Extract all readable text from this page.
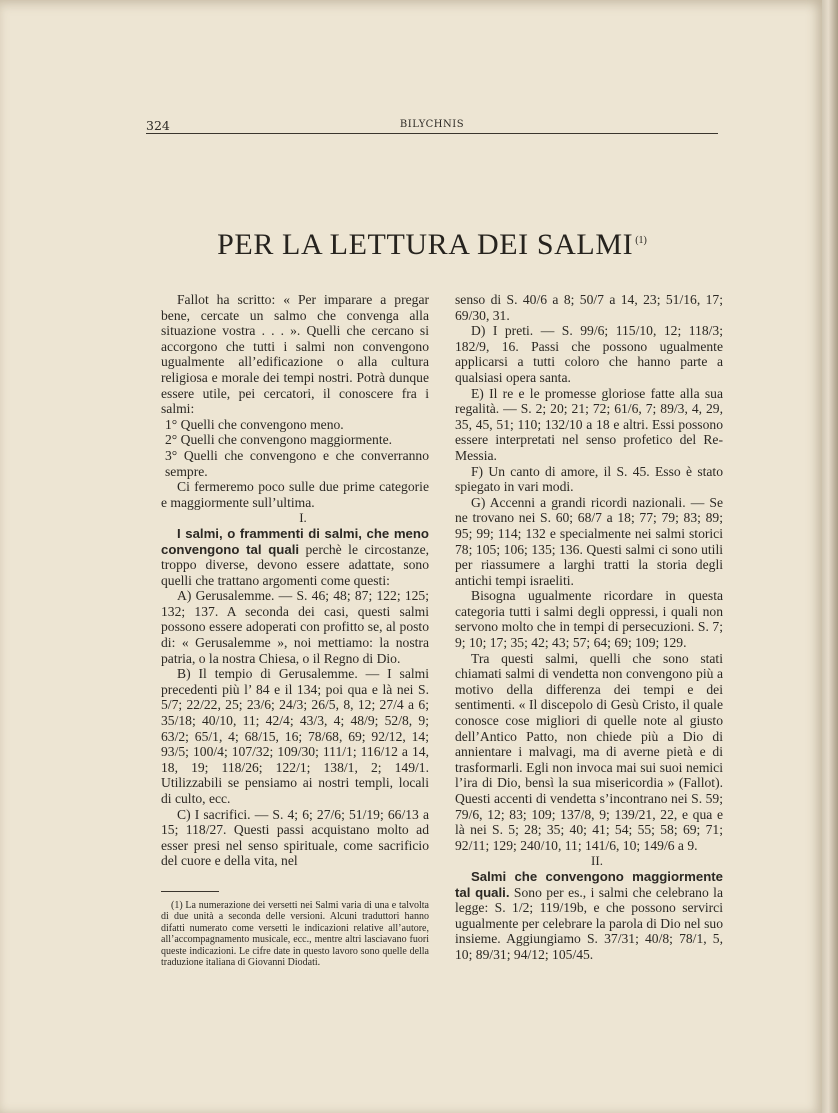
324	BILYCHNIS
PER LA LETTURA DEI SALMI $^{(1)}$

Fallot ha scritto: « Per imparare a pregar bene, cercate un salmo che convenga alla situazione vostra . . . ». Quelli che cercano si accorgono che tutti i salmi non convengono ugualmente all’edificazione o alla cultura religiosa e morale dei tempi nostri. Potrà dunque essere utile, pei cercatori, il conoscere fra i salmi:

1° Quelli che convengono meno.

2° Quelli che convengono maggiormente.

3° Quelli che convengono e che converranno sempre.

Ci fermeremo poco sulle due prime categorie e maggiormente sull’ultima.

I.

I salmi, o frammenti di salmi, che meno convengono tal quali perchè le circostanze, troppo diverse, devono essere adattate, sono quelli che trattano argomenti come questi:

A) Gerusalemme. — S. 46; 48; 87; 122; 125; 132; 137. A seconda dei casi, questi salmi possono essere adoperati con profitto se, al posto di: « Gerusalemme », noi mettiamo: la nostra patria, o la nostra Chiesa, o il Regno di Dio.

B) Il tempio di Gerusalemme. — I salmi precedenti più l’ 84 e il 134; poi qua e là nei S. 5/7; 22/22, 25; 23/6; 24/3; 26/5, 8, 12; 27/4 a 6; 35/18; 40/10, 11; 42/4; 43/3, 4; 48/9; 52/8, 9; 63/2; 65/1, 4; 68/15, 16; 78/68, 69; 92/12, 14; 93/5; 100/4; 107/32; 109/30; 111/1; 116/12 a 14, 18, 19; 118/26; 122/1; 138/1, 2; 149/1. Utilizzabili se pensiamo ai nostri templi, locali di culto, ecc.

C) I sacrifici. — S. 4; 6; 27/6; 51/19; 66/13 a 15; 118/27. Questi passi acquistano molto ad esser presi nel senso spirituale, come sacrificio del cuore e della vita, nel

(1) La numerazione dei versetti nei Salmi varia di una e talvolta di due unità a seconda delle versioni. Alcuni traduttori hanno difatti numerato come versetti le indicazioni relative all’autore, all’accompagnamento musicale, ecc., mentre altri lasciavano fuori queste indicazioni. Le cifre date in questo lavoro sono quelle della traduzione italiana di Giovanni Diodati.

senso di S. 40/6 a 8; 50/7 a 14, 23; 51/16, 17; 69/30, 31.

D) I preti. — S. 99/6; 115/10, 12; 118/3; 182/9, 16. Passi che possono ugualmente applicarsi a tutti coloro che hanno parte a qualsiasi opera santa.

E) Il re e le promesse gloriose fatte alla sua regalità. — S. 2; 20; 21; 72; 61/6, 7; 89/3, 4, 29, 35, 45, 51; 110; 132/10 a 18 e altri. Essi possono essere interpretati nel senso profetico del Re-Messia.

F) Un canto di amore, il S. 45. Esso è stato spiegato in vari modi.

G) Accenni a grandi ricordi nazionali. — Se ne trovano nei S. 60; 68/7 a 18; 77; 79; 83; 89; 95; 99; 114; 132 e specialmente nei salmi storici 78; 105; 106; 135; 136. Questi salmi ci sono utili per riassumere a larghi tratti la storia degli antichi tempi israeliti.

Bisogna ugualmente ricordare in questa categoria tutti i salmi degli oppressi, i quali non servono molto che in tempi di persecuzioni. S. 7; 9; 10; 17; 35; 42; 43; 57; 64; 69; 109; 129.

Tra questi salmi, quelli che sono stati chiamati salmi di vendetta non convengono più a motivo della differenza dei tempi e dei sentimenti. « Il discepolo di Gesù Cristo, il quale conosce cose migliori di quelle note al giusto dell’Antico Patto, non chiede più a Dio di annientare i malvagi, ma di averne pietà e di trasformarli. Egli non invoca mai sui suoi nemici l’ira di Dio, bensì la sua misericordia » (Fallot). Questi accenti di vendetta s’incontrano nei S. 59; 79/6, 12; 83; 109; 137/8, 9; 139/21, 22, e qua e là nei S. 5; 28; 35; 40; 41; 54; 55; 58; 69; 71; 92/11; 129; 240/10, 11; 141/6, 10; 149/6 a 9.

II.

Salmi che convengono maggiormente tal quali. Sono per es., i salmi che celebrano la legge: S. 1/2; 119/19b, e che possono servirci ugualmente per celebrare la parola di Dio nel suo insieme. Aggiungiamo S. 37/31; 40/8; 78/1, 5, 10; 89/31; 94/12; 105/45.
